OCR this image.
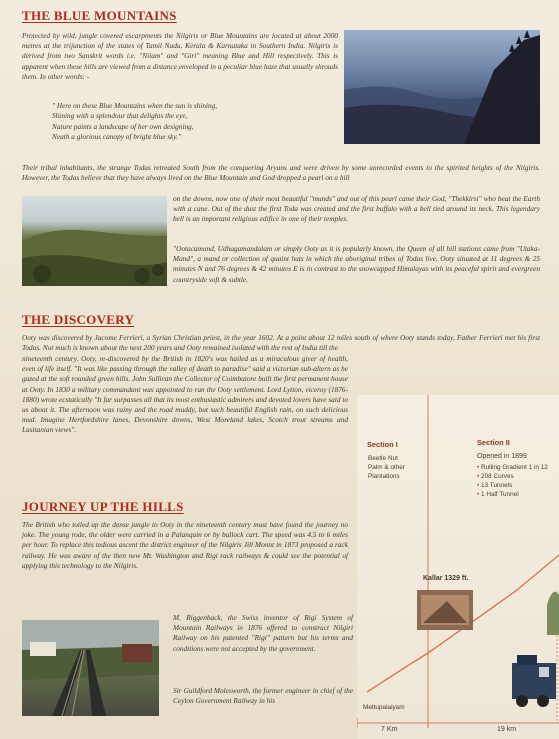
THE BLUE MOUNTAINS

Protected by wild, jungle covered escarpments the Nilgiris or Blue Mountains are located at about 2000 metres at the trijunction of the states of Tamil Nadu, Kerala & Karnataka in Southern India. Nilgiris is derived from two Sanskrit words i.e. "Nilam" and "Giri" meaning Blue and Hill respectively. This is apparent when these hills are viewed from a distance enveloped in a peculiar blue haze that usually shrouds them. In other words: -

" Here on these Blue Mountains when the sun is shining,
Shining with a splendour that delights the eye,
Nature paints a landscape of her own designing,
Neath a glorious canopy of bright blue sky."

Their tribal inhabitants, the strange Todas retreated South from the conquering Aryans and were driven by some unrecorded events to the spirited heights of the Nilgiris. However, the Todas believe that they have always lived on the Blue Mountain and God dropped a pearl on a hill

on the downs, now one of their most beautiful "munds" and out of this pearl came their God, "Thekkirsi" who beat the Earth with a cane. Out of the dust the first Toda was created and the first buffalo with a bell tied around its neck. This legendary bell is an important religious edifice in one of their temples.

"Ootacamund, Udhagamandalam or simply Ooty as it is popularly known, the Queen of all hill stations came from "Utaka-Mand", a mand or collection of quaint huts in which the aboriginal tribes of Todas live. Ooty situated at 11 degrees & 25 minutes N and 76 degrees & 42 minutes E is in contrast to the snowcapped Himalayas with its peaceful spirit and evergreen countryside soft & subtle.

THE DISCOVERY

Ooty was discovered by Jacome Ferrieri, a Syrian Christian priest, in the year 1602. At a point about 12 miles south of where Ooty stands today, Father Ferrieri met his first Todas. Not much is known about the next 200 years and Ooty remained isolated with the rest of India till the

nineteenth century. Ooty, re-discovered by the British in 1820's was hailed as a miraculous giver of health, even of life itself. "It was like passing through the valley of death to paradise" said a victorian sub-altern as he gazed at the soft rounded green hills. John Sullivan the Collector of Coimbatore built the first permanent house at Ooty. In 1830 a military commandant was appointed to run the Ooty settlement. Lord Lytton, viceroy (1876-1880) wrote ecstatically "It far surpasses all that its most enthusiastic admirers and devoted lovers have said to us about it. The afternoon was rainy and the road muddy, but such beautiful English rain, on such delicious mud. Imagine Hertfordshire lanes, Devonshire downs, West Moreland lakes, Scotch trout streams and Lusitanian views".

JOURNEY UP THE HILLS

The British who toiled up the dense jungle to Ooty in the nineteenth century must have found the journey no joke. The young rode, the older were carried in a Palanquin or by bullock cart. The speed was 4.5 to 6 miles per hour. To replace this tedious ascent the district engineer of the Nilgiris Jill Monnt in 1873 proposed a rack railway. He was aware of the then new Mt. Washington and Rigi rack railways & could see the potential of applying this technology to the Nilgiris.

M. Riggenback, the Swiss inventor of Rigi System of Mountain Railways in 1876 offered to construct Nilgiri Railway on his patented "Rigi" pattern but his terms and conditions were not accepted by the government.

Sir Guildford Molesworth, the former engineer in chief of the Ceylon Government Railway in his

Section I
Beetle Nut
Palm & other
Plantations
Section II
Opened in 1899
• Rulling Gradient 1 in 12
• 208 Curves
• 13 Tunnels
• 1 Half Tunnel
Kallar 1329 ft.
Mettupalaiyam
7 Km	19 km
